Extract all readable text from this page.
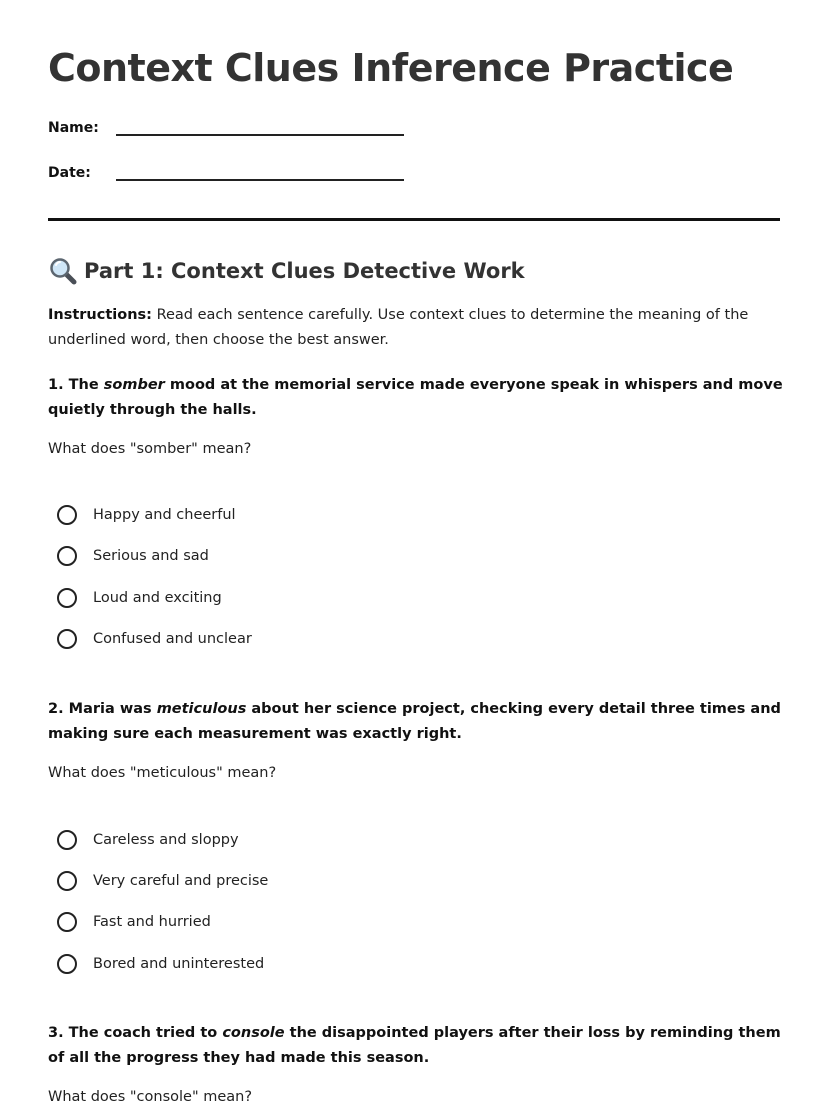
Context Clues Inference Practice
Name:
Date:
Part 1: Context Clues Detective Work

Instructions: Read each sentence carefully. Use context clues to determine the meaning of the underlined word, then choose the best answer.

1. The somber mood at the memorial service made everyone speak in whispers and move quietly through the halls.

What does "somber" mean?

Happy and cheerful
Serious and sad
Loud and exciting
Confused and unclear

2. Maria was meticulous about her science project, checking every detail three times and making sure each measurement was exactly right.

What does "meticulous" mean?

Careless and sloppy
Very careful and precise
Fast and hurried
Bored and uninterested

3. The coach tried to console the disappointed players after their loss by reminding them of all the progress they had made this season.

What does "console" mean?
